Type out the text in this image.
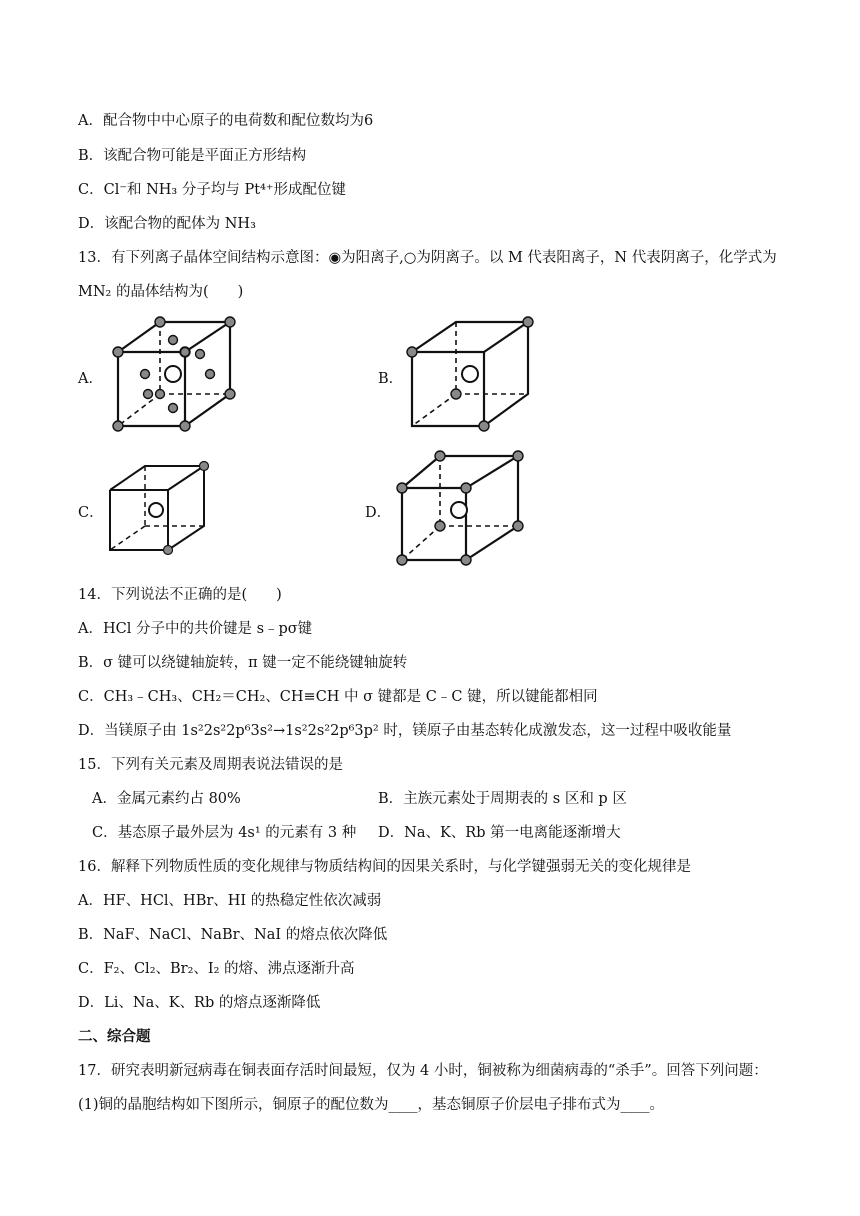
A．配合物中中心原子的电荷数和配位数均为6
B．该配合物可能是平面正方形结构
C．Cl⁻和 NH₃ 分子均与 Pt⁴⁺形成配位键
D．该配合物的配体为 NH₃
13．有下列离子晶体空间结构示意图：◉为阳离子,○为阴离子。以 M 代表阳离子，N 代表阴离子，化学式为
MN₂ 的晶体结构为(　　)
A．	B．
C．	D．
14．下列说法不正确的是(　　)
A．HCl 分子中的共价键是 s﹣pσ键
B．σ 键可以绕键轴旋转，π 键一定不能绕键轴旋转
C．CH₃﹣CH₃、CH₂＝CH₂、CH≡CH 中 σ 键都是 C﹣C 键，所以键能都相同
D．当镁原子由 1s²2s²2p⁶3s²→1s²2s²2p⁶3p² 时，镁原子由基态转化成激发态，这一过程中吸收能量
15．下列有关元素及周期表说法错误的是
A．金属元素约占 80%	B．主族元素处于周期表的 s 区和 p 区
C．基态原子最外层为 4s¹ 的元素有 3 种 D．Na、K、Rb 第一电离能逐渐增大
16．解释下列物质性质的变化规律与物质结构间的因果关系时，与化学键强弱无关的变化规律是
A．HF、HCl、HBr、HI 的热稳定性依次减弱
B．NaF、NaCl、NaBr、NaI 的熔点依次降低
C．F₂、Cl₂、Br₂、I₂ 的熔、沸点逐渐升高
D．Li、Na、K、Rb 的熔点逐渐降低
二、综合题
17．研究表明新冠病毒在铜表面存活时间最短，仅为 4 小时，铜被称为细菌病毒的“杀手”。回答下列问题：
(1)铜的晶胞结构如下图所示，铜原子的配位数为____，基态铜原子价层电子排布式为____。
